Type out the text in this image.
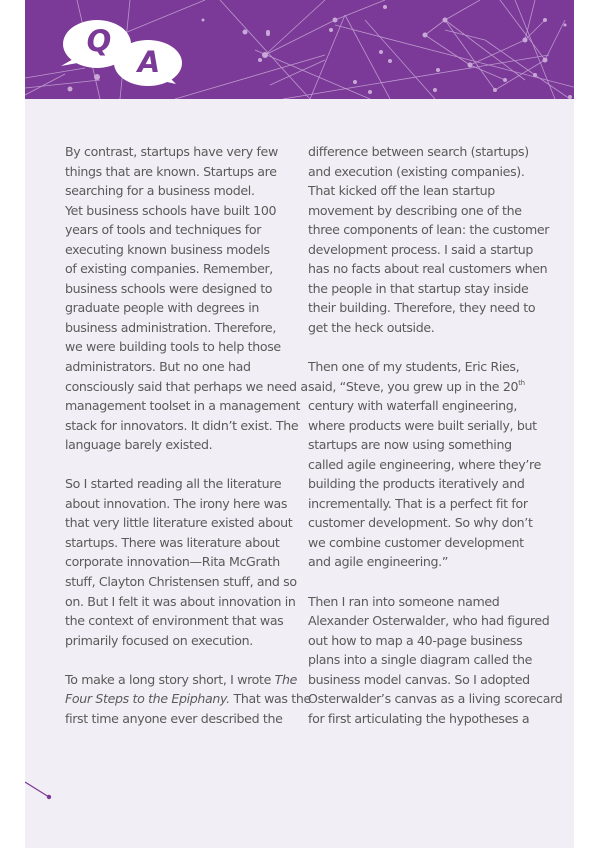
Q
A

By contrast, startups have very few

things that are known. Startups are

searching for a business model.

Yet business schools have built 100

years of tools and techniques for

executing known business models

of existing companies. Remember,

business schools were designed to

graduate people with degrees in

business administration. Therefore,

we were building tools to help those

administrators. But no one had

consciously said that perhaps we need a

management toolset in a management

stack for innovators. It didn’t exist. The

language barely existed.

So I started reading all the literature

about innovation. The irony here was

that very little literature existed about

startups. There was literature about

corporate innovation—Rita McGrath

stuff, Clayton Christensen stuff, and so

on. But I felt it was about innovation in

the context of environment that was

primarily focused on execution.

To make a long story short, I wrote The

Four Steps to the Epiphany. That was the

first time anyone ever described the

difference between search (startups)

and execution (existing companies).

That kicked off the lean startup

movement by describing one of the

three components of lean: the customer

development process. I said a startup

has no facts about real customers when

the people in that startup stay inside

their building. Therefore, they need to

get the heck outside.

Then one of my students, Eric Ries,

said, “Steve, you grew up in the 20th

century with waterfall engineering,

where products were built serially, but

startups are now using something

called agile engineering, where they’re

building the products iteratively and

incrementally. That is a perfect fit for

customer development. So why don’t

we combine customer development

and agile engineering.”

Then I ran into someone named

Alexander Osterwalder, who had figured

out how to map a 40-page business

plans into a single diagram called the

business model canvas. So I adopted

Osterwalder’s canvas as a living scorecard

for first articulating the hypotheses a
